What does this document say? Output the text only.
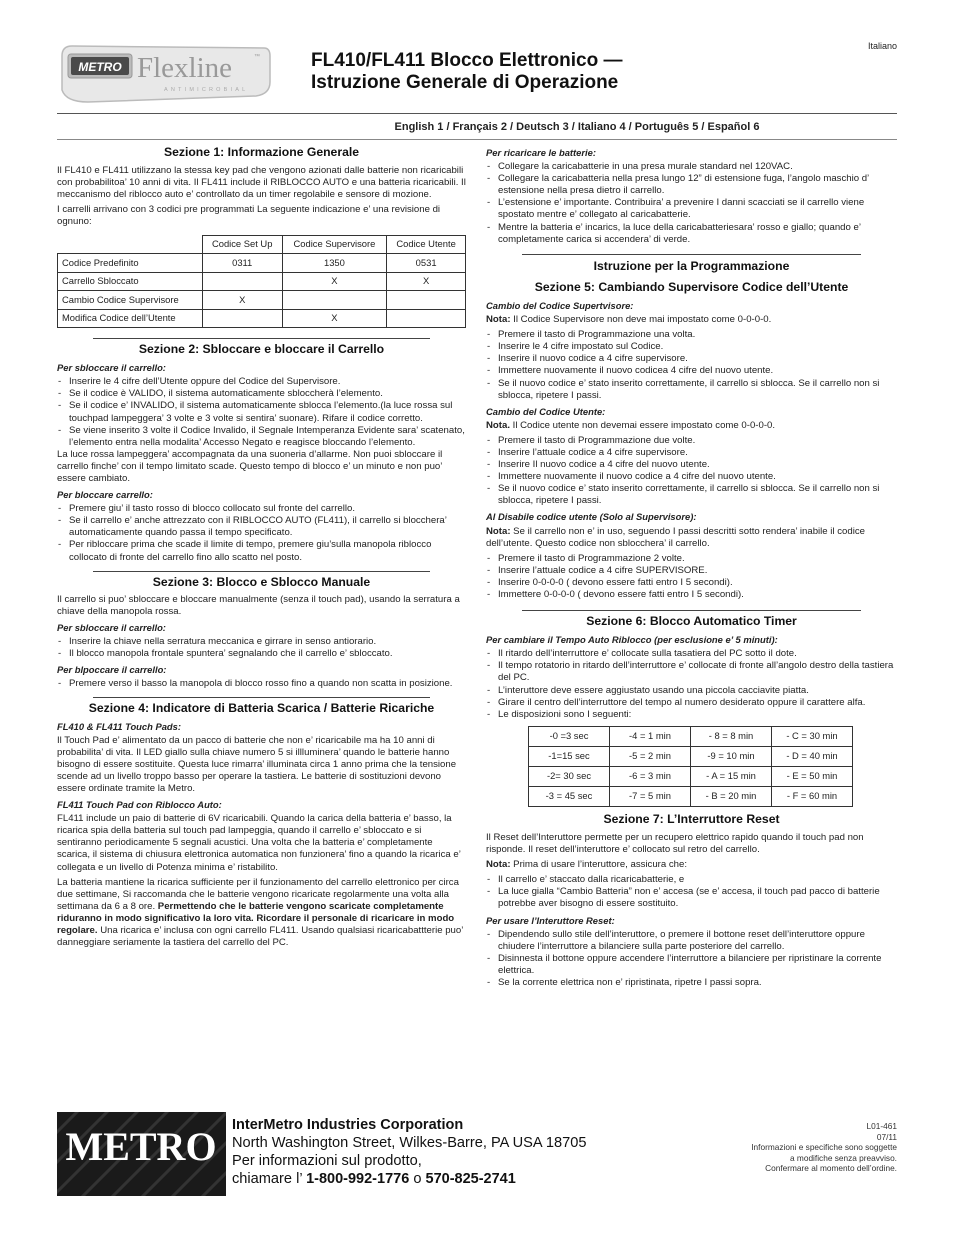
Italiano
METRO Flexline	™
ANTIMICROBIAL
FL410/FL411 Blocco Elettronico —
Istruzione Generale di Operazione
English 1 / Français 2 / Deutsch 3 / Italiano 4 / Português 5 / Español 6

Sezione 1: Informazione Generale

Il FL410 e FL411 utilizzano la stessa key pad che vengono azionati dalle batterie non ricaricabili con probabilitoa’ 10 anni di vita. Il FL411 include il RIBLOCCO AUTO e una batteria ricaricabili. Il meccanismo del riblocco auto e’ controllato da un timer regolabile e sensore di mozione.

I carrelli arrivano con 3 codici pre programmati La seguente indicazione e’ una revisione di ognuno:

	Codice Set Up	Codice Supervisore	Codice Utente
Codice Predefinito	0311	1350	0531
Carrello Sbloccato		X	X
Cambio Codice Supervisore	X		
Modifica Codice dell’Utente		X	

Sezione 2: Sbloccare e bloccare il Carrello

Per sbloccare il carrello:

- Inserire le 4 cifre dell’Utente oppure del Codice del Supervisore.
- Se il codice è VALIDO, il sistema automaticamente sbloccherà l’elemento.
- Se il codice e’ INVALIDO, il sistema automaticamente sblocca l’elemento.(la luce rossa sul touchpad lampeggera’ 3 volte e 3 volte si sentira’ suonare). Rifare il codice corretto.
- Se viene inserito 3 volte il Codice Invalido, il Segnale Intemperanza Evidente sara’ scatenato, l’elemento entra nella modalita’ Accesso Negato e reagisce bloccando l’elemento.

La luce rossa lampeggera’ accompagnata da una suoneria d’allarme. Non puoi sbloccare il carrello finche’ con il tempo limitato scade. Questo tempo di blocco e’ un minuto e non puo’ essere cambiato.

Per bloccare carrello:

- Premere giu’ il tasto rosso di blocco collocato sul fronte del carrello.
- Se il carrello e’ anche attrezzato con il RIBLOCCO AUTO (FL411), il carrello si blocchera’ automaticamente quando passa il tempo specificato.
- Per ribloccare prima che scade il limite di tempo, premere giu’sulla manopola riblocco collocato di fronte del carrello fino allo scatto nel posto.

Sezione 3: Blocco e Sblocco Manuale

Il carrello si puo’ sbloccare e bloccare manualmente (senza il touch pad), usando la serratura a chiave della manopola rossa.

Per sbloccare il carrello:

- Inserire la chiave nella serratura meccanica e girrare in senso antiorario.
- Il blocco manopola frontale spuntera’ segnalando che il carrello e’ sbloccato.

Per blpoccare il carrello:

- Premere verso il basso la manopola di blocco rosso fino a quando non scatta in posizione.

Sezione 4: Indicatore di Batteria Scarica / Batterie Ricariche

FL410 & FL411 Touch Pads:

Il Touch Pad e’ alimentato da un pacco di batterie che non e’ ricaricabile ma ha 10 anni di probabilita’ di vita. Il LED giallo sulla chiave numero 5 si illluminera’ quando le batterie hanno bisogno di essere sostituite. Questa luce rimarra’ illuminata circa 1 anno prima che la tensione scende ad un livello troppo basso per operare la tastiera. Le batterie di sostituzioni devono essere ordinate tramite la Metro.

FL411 Touch Pad con Riblocco Auto:

FL411 include un paio di batterie di 6V ricaricabili. Quando la carica della batteria e’ basso, la ricarica spia della batteria sul touch pad lampeggia, quando il carrello e’ sbloccato e si sentiranno periodicamente 5 segnali acustici. Una volta che la batteria e’ completamente scarica, il sistema di chiusura elettronica automatica non funzionera’ fino a quando la ricarica e’ collegata e un livello di Potenza minima e’ ristabilito.

La batteria mantiene la ricarica sufficiente per il funzionamento del carrello elettronico per circa due settimane, Si raccomanda che le batterie vengono ricaricate regolarmente una volta alla settimana da 6 a 8 ore. Permettendo che le batterie vengono scaricate completamente riduranno in modo significativo la loro vita. Ricordare il personale di ricaricare in modo regolare. Una ricarica e’ inclusa con ogni carrello FL411. Usando qualsiasi ricaricabattterie puo’ danneggiare seriamente la tastiera del carrello del PC.

Per ricaricare le batterie:

- Collegare la caricabatterie in una presa murale standard nel 120VAC.
- Collegare la caricabatteria nella presa lungo 12” di estensione fuga, l’angolo maschio d’ estensione nella presa dietro il carrello.
- L’estensione e’ importante. Contribuira’ a prevenire I danni scacciati se il carrello viene spostato mentre e’ collegato al caricabatterie.
- Mentre la batteria e’ incarics, la luce della caricabatteriesara’ rosso e giallo; quando e’ completamente carica si accendera’ di verde.

Istruzione per la Programmazione

Sezione 5: Cambiando Supervisore Codice dell’Utente

Cambio del Codice Supertvisore:

Nota: Il Codice Supervisore non deve mai impostato come 0-0-0-0.

- Premere il tasto di Programmazione una volta.
- Inserire le 4 cifre impostato sul Codice.
- Inserire il nuovo codice a 4 cifre supervisore.
- Immettere nuovamente il nuovo codicea 4 cifre del nuovo utente.
- Se il nuovo codice e’ stato inserito correttamente, il carrello si sblocca. Se il carrello non si sblocca, ripetere I passi.

Cambio del Codice Utente:

Nota. Il Codice utente non devemai essere impostato come 0-0-0-0.

- Premere il tasto di Programmazione due volte.
- Inserire l’attuale codice a 4 cifre supervisore.
- Inserire Il nuovo codice a 4 cifre del nuovo utente.
- Immettere nuovamente il nuovo codice a 4 cifre del nuovo utente.
- Se il nuovo codice e’ stato inserito correttamente, il carrello si sblocca. Se il carrello non si sblocca, ripetere I passi.

Al Disabile codice utente (Solo al Supervisore):

Nota: Se il carrello non e’ in uso, seguendo I passi descritti sotto rendera’ inabile il codice dell’utente. Questo codice non sblocchera’ il carrello.

- Premere il tasto di Programmazione 2 volte.
- Inserire l’attuale codice a 4 cifre SUPERVISORE.
- Inserire 0-0-0-0 ( devono essere fatti entro I 5 secondi).
- Immettere 0-0-0-0 ( devono essere fatti entro I 5 secondi).

Sezione 6: Blocco Automatico Timer

Per cambiare il Tempo Auto Riblocco (per esclusione e’ 5 minuti):

- Il ritardo dell’interruttore e’ collocate sulla tasatiera del PC sotto il dote.
- Il tempo rotatorio in ritardo dell’interruttore e’ collocate di fronte all’angolo destro della tastiera del PC.
- L’interuttore deve essere aggiustato usando una piccola cacciavite piatta.
- Girare il centro dell’interruttore del tempo al numero desiderato oppure il carattere alfa.
- Le disposizioni sono I seguenti:
-0 =3 sec	-4 = 1 min	- 8 = 8 min	- C = 30 min
-1=15 sec	-5 = 2 min	-9 = 10 min	- D = 40 min
-2= 30 sec	-6 = 3 min	- A = 15 min	- E = 50 min
-3 = 45 sec	-7 = 5 min	- B = 20 min	- F = 60 min

Sezione 7: L’Interruttore Reset

Il Reset dell’Interuttore permette per un recupero elettrico rapido quando il touch pad non risponde. Il reset dell’interuttore e’ collocato sul retro del carrello.

Nota: Prima di usare l’interuttore, assicura che:

- Il carrello e’ staccato dalla ricaricabatterie, e
- La luce gialla “Cambio Batteria” non e’ accesa (se e’ accesa, il touch pad pacco di batterie potrebbe aver bisogno di essere sostituito.

Per usare l’Interuttore Reset:

- Dipendendo sullo stile dell’interuttore, o premere il bottone reset dell’interuttore oppure chiudere l’interruttore a bilanciere sulla parte posteriore del carrello.
- Disinnesta il bottone oppure accendere l’interruttore a bilanciere per ripristinare la corrente elettrica.
- Se la corrente elettrica non e’ ripristinata, ripetre I passi sopra.
METRO InterMetro Industries Corporation
North Washington Street, Wilkes-Barre, PA USA 18705
Per informazioni sul prodotto,
chiamare l’ 1-800-992-1776 o 570-825-2741
L01-461
07/11
Informazioni e specifiche sono soggette
a modifiche senza preavviso.
Confermare al momento dell’ordine.
